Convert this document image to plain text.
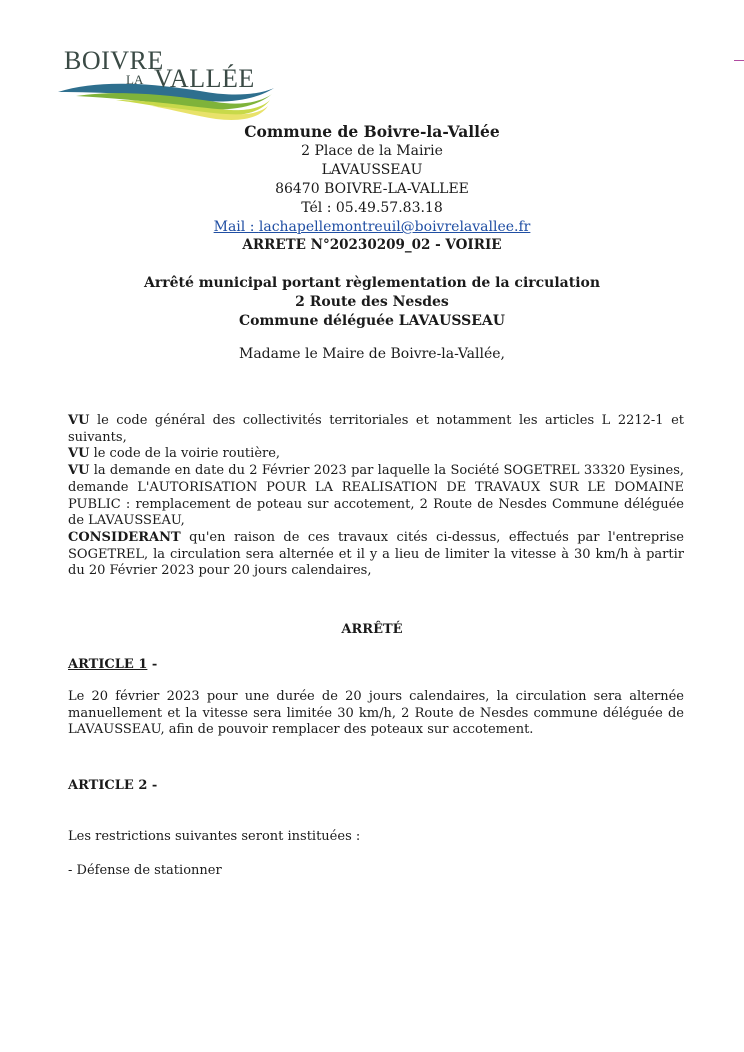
BOIVRE
LA VALLÉE
Commune de Boivre-la-Vallée
2 Place de la Mairie
LAVAUSSEAU
86470 BOIVRE-LA-VALLEE
Tél : 05.49.57.83.18
Mail : lachapellemontreuil@boivrelavallee.fr
ARRETE N°20230209_02 - VOIRIE
Arrêté municipal portant règlementation de la circulation
2 Route des Nesdes
Commune déléguée LAVAUSSEAU
Madame le Maire de Boivre-la-Vallée,

VU le code général des collectivités territoriales et notamment les articles L 2212-1 et suivants,

VU le code de la voirie routière,

VU la demande en date du 2 Février 2023 par laquelle la Société SOGETREL 33320 Eysines, demande L'AUTORISATION POUR LA REALISATION DE TRAVAUX SUR LE DOMAINE PUBLIC : remplacement de poteau sur accotement, 2 Route de Nesdes Commune déléguée de LAVAUSSEAU,

CONSIDERANT qu'en raison de ces travaux cités ci-dessus, effectués par l'entreprise SOGETREL, la circulation sera alternée et il y a lieu de limiter la vitesse à 30 km/h à partir du 20 Février 2023 pour 20 jours calendaires,

ARRÊTÉ
ARTICLE 1 -

Le 20 février 2023 pour une durée de 20 jours calendaires, la circulation sera alternée manuellement et la vitesse sera limitée 30 km/h, 2 Route de Nesdes commune déléguée de LAVAUSSEAU, afin de pouvoir remplacer des poteaux sur accotement.

ARTICLE 2 -
Les restrictions suivantes seront instituées :
- Défense de stationner
